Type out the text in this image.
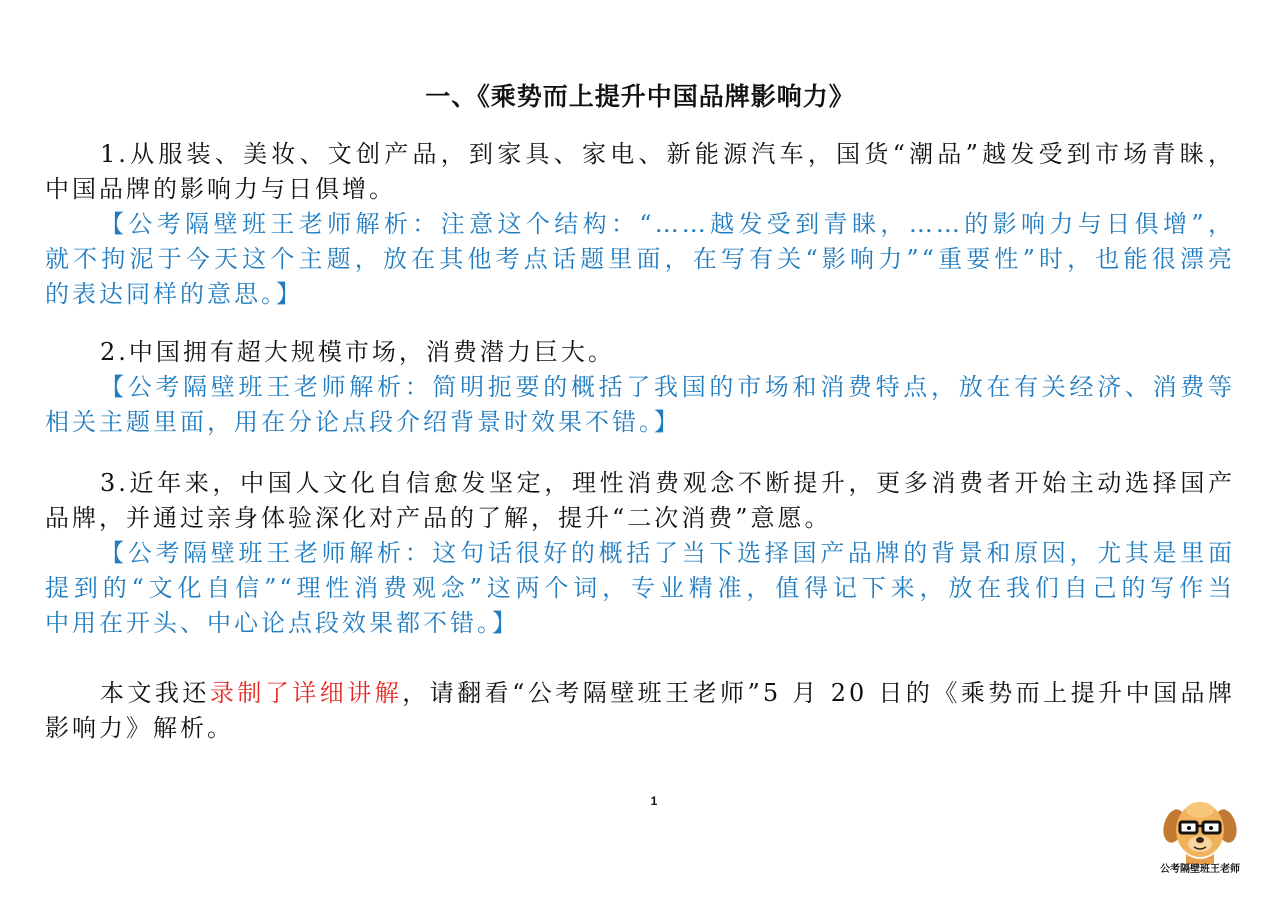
一、《乘势而上提升中国品牌影响力》
1.从服装、美妆、文创产品，到家具、家电、新能源汽车，国货“潮品”越发受到市场青睐，
中国品牌的影响力与日俱增。
【公考隔壁班王老师解析：注意这个结构：“……越发受到青睐，……的影响力与日俱增”，
就不拘泥于今天这个主题，放在其他考点话题里面，在写有关“影响力”“重要性”时，也能很漂亮
的表达同样的意思。】
2.中国拥有超大规模市场，消费潜力巨大。
【公考隔壁班王老师解析：简明扼要的概括了我国的市场和消费特点，放在有关经济、消费等
相关主题里面，用在分论点段介绍背景时效果不错。】
3.近年来，中国人文化自信愈发坚定，理性消费观念不断提升，更多消费者开始主动选择国产
品牌，并通过亲身体验深化对产品的了解，提升“二次消费”意愿。
【公考隔壁班王老师解析：这句话很好的概括了当下选择国产品牌的背景和原因，尤其是里面
提到的“文化自信”“理性消费观念”这两个词，专业精准，值得记下来，放在我们自己的写作当
中用在开头、中心论点段效果都不错。】
本文我还录制了详细讲解，请翻看“公考隔壁班王老师”5 月 20 日的《乘势而上提升中国品牌
影响力》解析。
1
公考隔壁班王老师
